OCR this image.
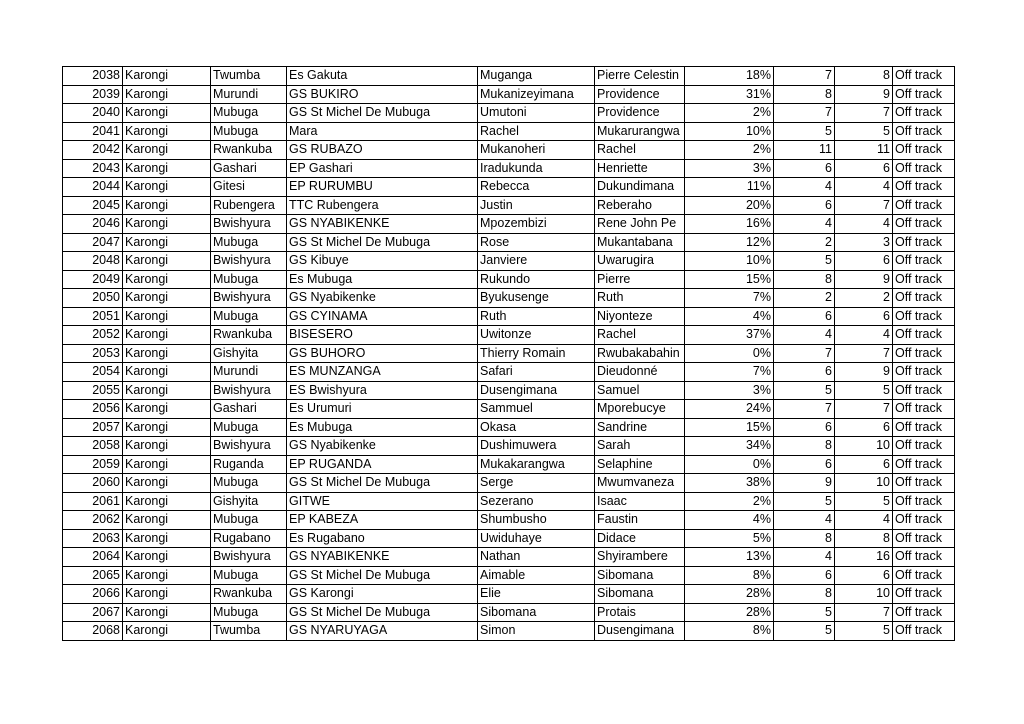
2038	Karongi	Twumba	Es Gakuta	Muganga	Pierre Celestin	18%	7	8	Off track
2039	Karongi	Murundi	GS BUKIRO	Mukanizeyimana	Providence	31%	8	9	Off track
2040	Karongi	Mubuga	GS St Michel De Mubuga	Umutoni	Providence	2%	7	7	Off track
2041	Karongi	Mubuga	Mara	Rachel	Mukarurangwa	10%	5	5	Off track
2042	Karongi	Rwankuba	GS RUBAZO	Mukanoheri	Rachel	2%	11	11	Off track
2043	Karongi	Gashari	EP Gashari	Iradukunda	Henriette	3%	6	6	Off track
2044	Karongi	Gitesi	EP RURUMBU	Rebecca	Dukundimana	11%	4	4	Off track
2045	Karongi	Rubengera	TTC Rubengera	Justin	Reberaho	20%	6	7	Off track
2046	Karongi	Bwishyura	GS NYABIKENKE	Mpozembizi	Rene John Pe	16%	4	4	Off track
2047	Karongi	Mubuga	GS St Michel De Mubuga	Rose	Mukantabana	12%	2	3	Off track
2048	Karongi	Bwishyura	GS Kibuye	Janviere	Uwarugira	10%	5	6	Off track
2049	Karongi	Mubuga	Es Mubuga	Rukundo	Pierre	15%	8	9	Off track
2050	Karongi	Bwishyura	GS Nyabikenke	Byukusenge	Ruth	7%	2	2	Off track
2051	Karongi	Mubuga	GS CYINAMA	Ruth	Niyonteze	4%	6	6	Off track
2052	Karongi	Rwankuba	BISESERO	Uwitonze	Rachel	37%	4	4	Off track
2053	Karongi	Gishyita	GS BUHORO	Thierry Romain	Rwubakabahin	0%	7	7	Off track
2054	Karongi	Murundi	ES MUNZANGA	Safari	Dieudonné	7%	6	9	Off track
2055	Karongi	Bwishyura	ES Bwishyura	Dusengimana	Samuel	3%	5	5	Off track
2056	Karongi	Gashari	Es Urumuri	Sammuel	Mporebucye	24%	7	7	Off track
2057	Karongi	Mubuga	Es Mubuga	Okasa	Sandrine	15%	6	6	Off track
2058	Karongi	Bwishyura	GS Nyabikenke	Dushimuwera	Sarah	34%	8	10	Off track
2059	Karongi	Ruganda	EP RUGANDA	Mukakarangwa	Selaphine	0%	6	6	Off track
2060	Karongi	Mubuga	GS St Michel De Mubuga	Serge	Mwumvaneza	38%	9	10	Off track
2061	Karongi	Gishyita	GITWE	Sezerano	Isaac	2%	5	5	Off track
2062	Karongi	Mubuga	EP KABEZA	Shumbusho	Faustin	4%	4	4	Off track
2063	Karongi	Rugabano	Es Rugabano	Uwiduhaye	Didace	5%	8	8	Off track
2064	Karongi	Bwishyura	GS NYABIKENKE	Nathan	Shyirambere	13%	4	16	Off track
2065	Karongi	Mubuga	GS St Michel De Mubuga	Aimable	Sibomana	8%	6	6	Off track
2066	Karongi	Rwankuba	GS Karongi	Elie	Sibomana	28%	8	10	Off track
2067	Karongi	Mubuga	GS St Michel De Mubuga	Sibomana	Protais	28%	5	7	Off track
2068	Karongi	Twumba	GS NYARUYAGA	Simon	Dusengimana	8%	5	5	Off track
